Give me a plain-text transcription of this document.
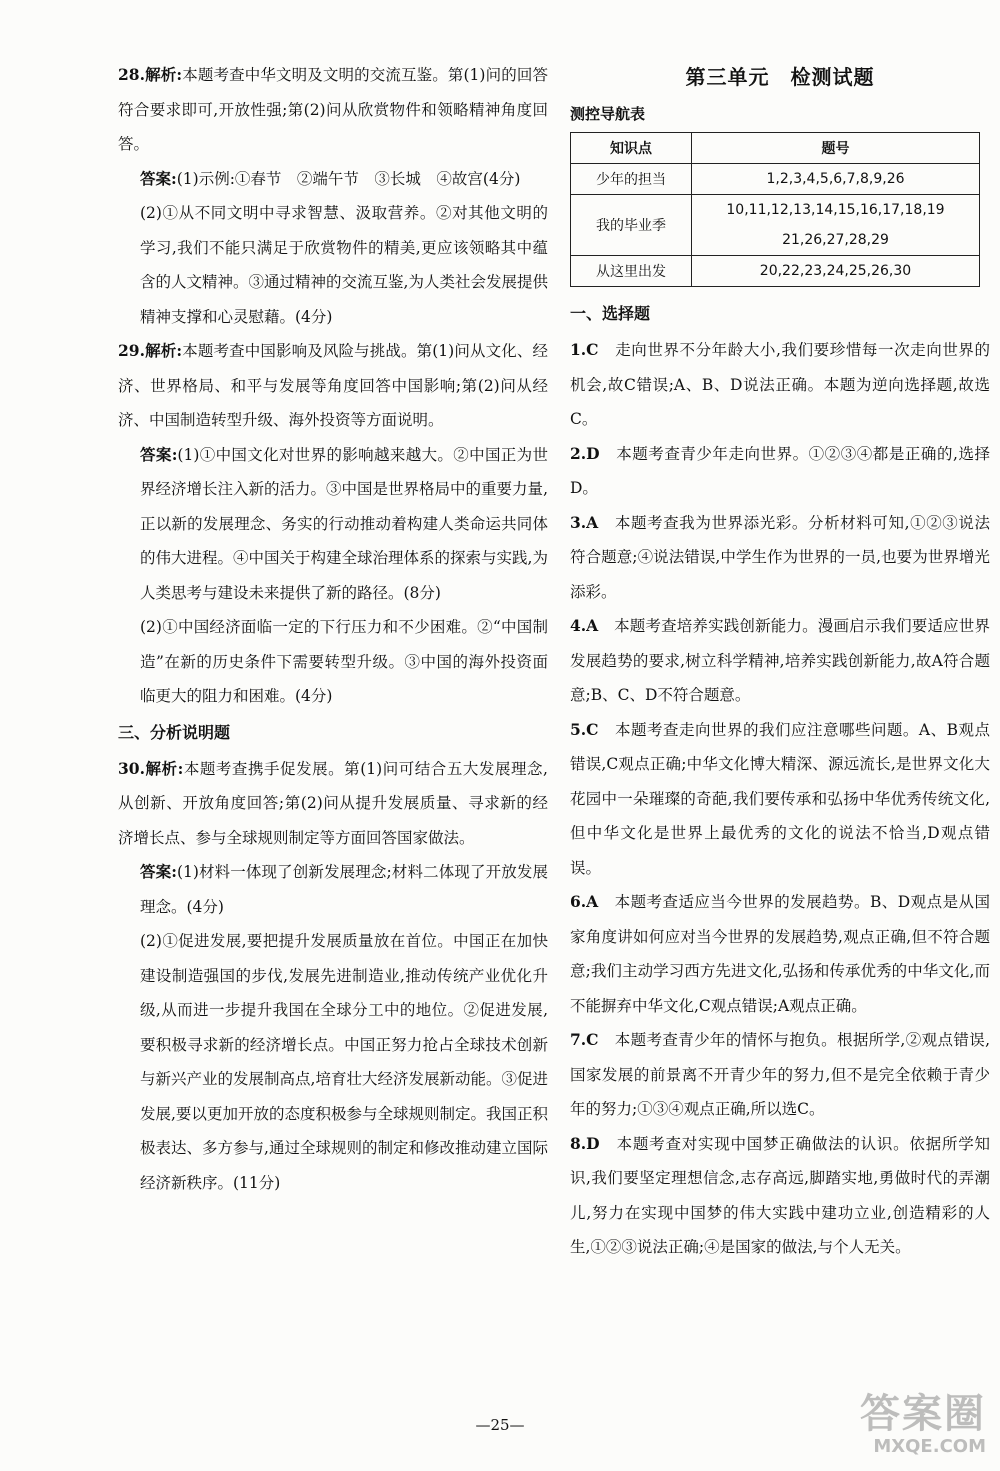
28.解析:本题考查中华文明及文明的交流互鉴。第(1)问的回答符合要求即可,开放性强;第(2)问从欣赏物件和领略精神角度回答。

答案:(1)示例:①春节　②端午节　③长城　④故宫(4分)

(2)①从不同文明中寻求智慧、汲取营养。②对其他文明的学习,我们不能只满足于欣赏物件的精美,更应该领略其中蕴含的人文精神。③通过精神的交流互鉴,为人类社会发展提供精神支撑和心灵慰藉。(4分)

29.解析:本题考查中国影响及风险与挑战。第(1)问从文化、经济、世界格局、和平与发展等角度回答中国影响;第(2)问从经济、中国制造转型升级、海外投资等方面说明。

答案:(1)①中国文化对世界的影响越来越大。②中国正为世界经济增长注入新的活力。③中国是世界格局中的重要力量,正以新的发展理念、务实的行动推动着构建人类命运共同体的伟大进程。④中国关于构建全球治理体系的探索与实践,为人类思考与建设未来提供了新的路径。(8分)

(2)①中国经济面临一定的下行压力和不少困难。②“中国制造”在新的历史条件下需要转型升级。③中国的海外投资面临更大的阻力和困难。(4分)

三、分析说明题

30.解析:本题考查携手促发展。第(1)问可结合五大发展理念,从创新、开放角度回答;第(2)问从提升发展质量、寻求新的经济增长点、参与全球规则制定等方面回答国家做法。

答案:(1)材料一体现了创新发展理念;材料二体现了开放发展理念。(4分)

(2)①促进发展,要把提升发展质量放在首位。中国正在加快建设制造强国的步伐,发展先进制造业,推动传统产业优化升级,从而进一步提升我国在全球分工中的地位。②促进发展,要积极寻求新的经济增长点。中国正努力抢占全球技术创新与新兴产业的发展制高点,培育壮大经济发展新动能。③促进发展,要以更加开放的态度积极参与全球规则制定。我国正积极表达、多方参与,通过全球规则的制定和修改推动建立国际经济新秩序。(11分)

第三单元　检测试题
测控导航表
知识点	题号
少年的担当	1,2,3,4,5,6,7,8,9,26
我的毕业季	10,11,12,13,14,15,16,17,18,19
21,26,27,28,29

从这里出发	20,22,23,24,25,26,30
一、选择题

1.C　 走向世界不分年龄大小,我们要珍惜每一次走向世界的机会,故C错误;A、B、D说法正确。本题为逆向选择题,故选C。

2.D　 本题考查青少年走向世界。①②③④都是正确的,选择D。

3.A　 本题考查我为世界添光彩。分析材料可知,①②③说法符合题意;④说法错误,中学生作为世界的一员,也要为世界增光添彩。

4.A　 本题考查培养实践创新能力。漫画启示我们要适应世界发展趋势的要求,树立科学精神,培养实践创新能力,故A符合题意;B、C、D不符合题意。

5.C　 本题考查走向世界的我们应注意哪些问题。A、B观点错误,C观点正确;中华文化博大精深、源远流长,是世界文化大花园中一朵璀璨的奇葩,我们要传承和弘扬中华优秀传统文化,但中华文化是世界上最优秀的文化的说法不恰当,D观点错误。

6.A　 本题考查适应当今世界的发展趋势。B、D观点是从国家角度讲如何应对当今世界的发展趋势,观点正确,但不符合题意;我们主动学习西方先进文化,弘扬和传承优秀的中华文化,而不能摒弃中华文化,C观点错误;A观点正确。

7.C　 本题考查青少年的情怀与抱负。根据所学,②观点错误,国家发展的前景离不开青少年的努力,但不是完全依赖于青少年的努力;①③④观点正确,所以选C。

8.D　 本题考查对实现中国梦正确做法的认识。依据所学知识,我们要坚定理想信念,志存高远,脚踏实地,勇做时代的弄潮儿,努力在实现中国梦的伟大实践中建功立业,创造精彩的人生,①②③说法正确;④是国家的做法,与个人无关。

—25—	答案圈
MXQE.COM
